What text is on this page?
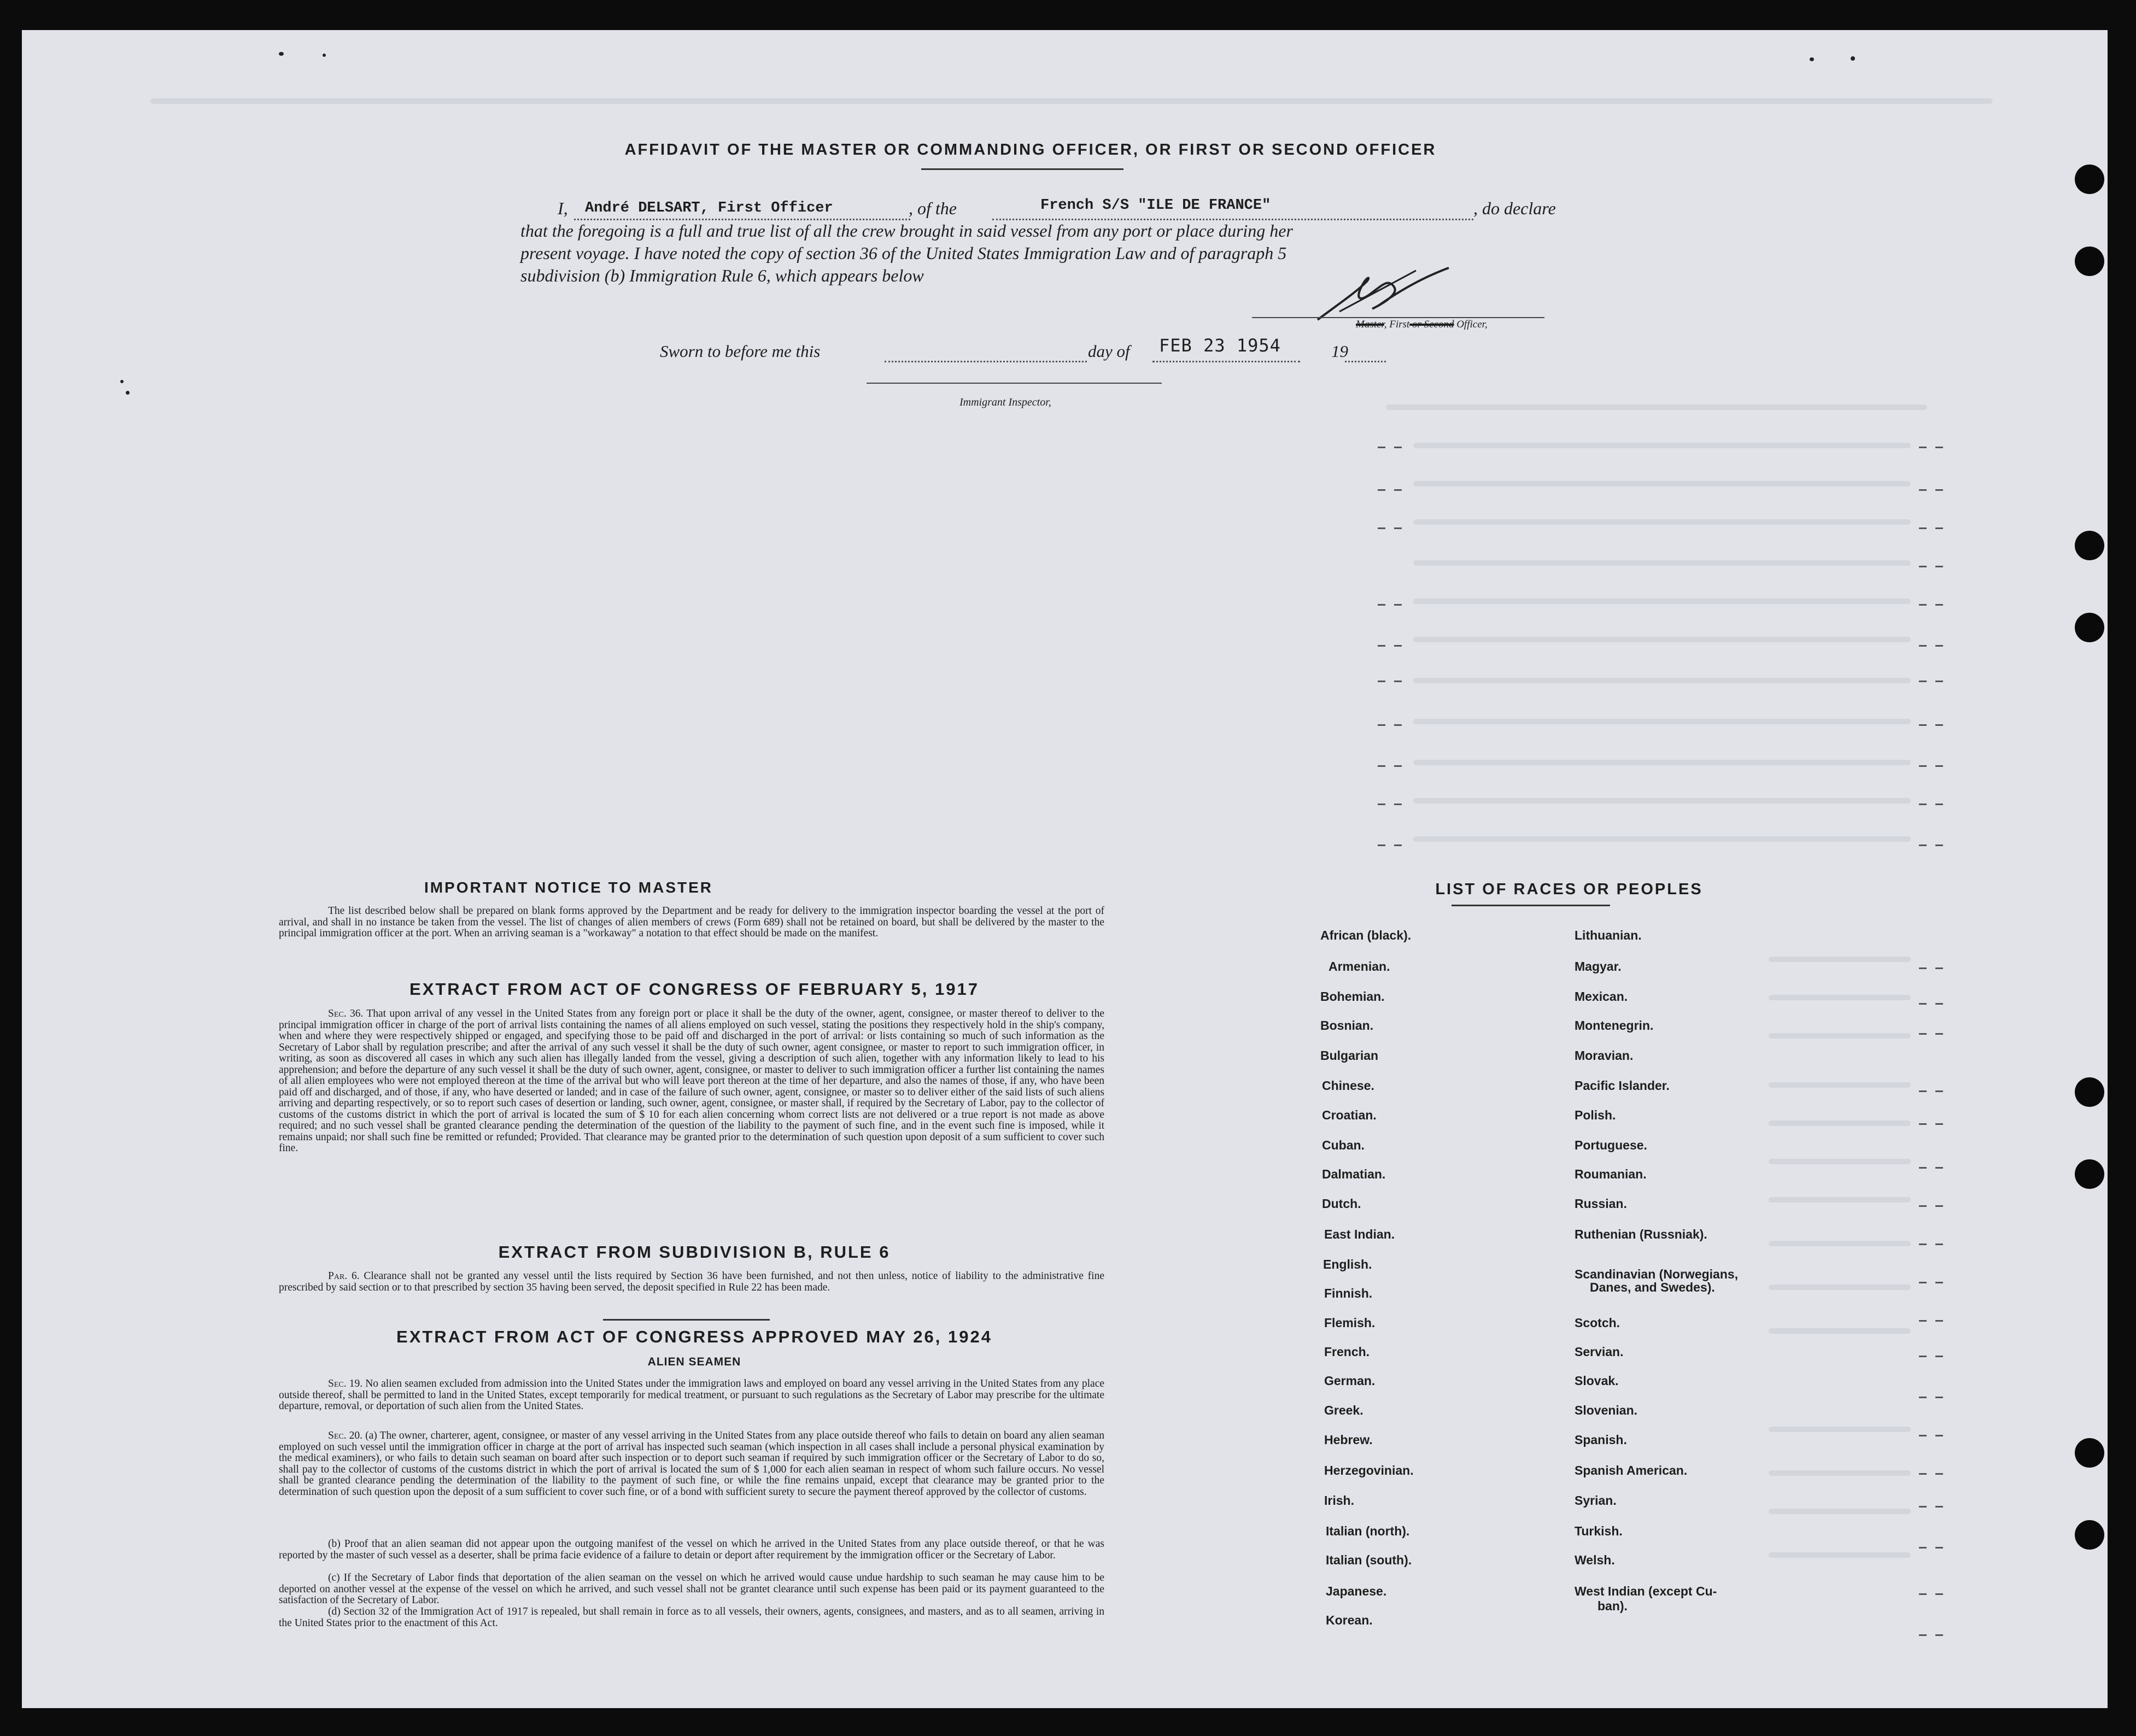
AFFIDAVIT OF THE MASTER OR COMMANDING OFFICER, OR FIRST OR SECOND OFFICER
I,	André DELSART, First Officer	, of the	French S/S "ILE DE FRANCE"	, do declare
that the foregoing is a full and true list of all the crew brought in said vessel from any port or place during her
present voyage. I have noted the copy of section 36 of the United States Immigration Law and of paragraph 5
subdivision (b) Immigration Rule 6, which appears below
Master, First or Second Officer,
Sworn to before me this	day of FEB 23 1954	19
Immigrant Inspector,
IMPORTANT NOTICE TO MASTER
The list described below shall be prepared on blank forms approved by the Department and be ready for delivery to the immigration inspector boarding the vessel at the port of arrival, and shall in no instance be taken from the vessel. The list of changes of alien members of crews (Form 689) shall not be retained on board, but shall be delivered by the master to the principal immigration officer at the port. When an arriving seaman is a "workaway" a notation to that effect should be made on the manifest.
EXTRACT FROM ACT OF CONGRESS OF FEBRUARY 5, 1917
Sec. 36. That upon arrival of any vessel in the United States from any foreign port or place it shall be the duty of the owner, agent, consignee, or master thereof to deliver to the principal immigration officer in charge of the port of arrival lists containing the names of all aliens employed on such vessel, stating the positions they respectively hold in the ship's company, when and where they were respectively shipped or engaged, and specifying those to be paid off and discharged in the port of arrival: or lists containing so much of such information as the Secretary of Labor shall by regulation prescribe; and after the arrival of any such vessel it shall be the duty of such owner, agent consignee, or master to report to such immigration officer, in writing, as soon as discovered all cases in which any such alien has illegally landed from the vessel, giving a description of such alien, together with any information likely to lead to his apprehension; and before the departure of any such vessel it shall be the duty of such owner, agent, consignee, or master to deliver to such immigration officer a further list containing the names of all alien employees who were not employed thereon at the time of the arrival but who will leave port thereon at the time of her departure, and also the names of those, if any, who have been paid off and discharged, and of those, if any, who have deserted or landed; and in case of the failure of such owner, agent, consignee, or master so to deliver either of the said lists of such aliens arriving and departing respectively, or so to report such cases of desertion or landing, such owner, agent, consignee, or master shall, if required by the Secretary of Labor, pay to the collector of customs of the customs district in which the port of arrival is located the sum of $ 10 for each alien concerning whom correct lists are not delivered or a true report is not made as above required; and no such vessel shall be granted clearance pending the determination of the question of the liability to the payment of such fine, and in the event such fine is imposed, while it remains unpaid; nor shall such fine be remitted or refunded; Provided. That clearance may be granted prior to the determination of such question upon deposit of a sum sufficient to cover such fine.
EXTRACT FROM SUBDIVISION B, RULE 6
Par. 6. Clearance shall not be granted any vessel until the lists required by Section 36 have been furnished, and not then unless, notice of liability to the administrative fine prescribed by said section or to that prescribed by section 35 having been served, the deposit specified in Rule 22 has been made.
EXTRACT FROM ACT OF CONGRESS APPROVED MAY 26, 1924
ALIEN SEAMEN
Sec. 19. No alien seamen excluded from admission into the United States under the immigration laws and employed on board any vessel arriving in the United States from any place outside thereof, shall be permitted to land in the United States, except temporarily for medical treatment, or pursuant to such regulations as the Secretary of Labor may prescribe for the ultimate departure, removal, or deportation of such alien from the United States.
Sec. 20. (a) The owner, charterer, agent, consignee, or master of any vessel arriving in the United States from any place outside thereof who fails to detain on board any alien seaman employed on such vessel until the immigration officer in charge at the port of arrival has inspected such seaman (which inspection in all cases shall include a personal physical examination by the medical examiners), or who fails to detain such seaman on board after such inspection or to deport such seaman if required by such immigration officer or the Secretary of Labor to do so, shall pay to the collector of customs of the customs district in which the port of arrival is located the sum of $ 1,000 for each alien seaman in respect of whom such failure occurs. No vessel shall be granted clearance pending the determination of the liability to the payment of such fine, or while the fine remains unpaid, except that clearance may be granted prior to the determination of such question upon the deposit of a sum sufficient to cover such fine, or of a bond with sufficient surety to secure the payment thereof approved by the collector of customs.
(b) Proof that an alien seaman did not appear upon the outgoing manifest of the vessel on which he arrived in the United States from any place outside thereof, or that he was reported by the master of such vessel as a deserter, shall be prima facie evidence of a failure to detain or deport after requirement by the immigration officer or the Secretary of Labor.
(c) If the Secretary of Labor finds that deportation of the alien seaman on the vessel on which he arrived would cause undue hardship to such seaman he may cause him to be deported on another vessel at the expense of the vessel on which he arrived, and such vessel shall not be grantet clearance until such expense has been paid or its payment guaranteed to the satisfaction of the Secretary of Labor.
(d) Section 32 of the Immigration Act of 1917 is repealed, but shall remain in force as to all vessels, their owners, agents, consignees, and masters, and as to all seamen, arriving in the United States prior to the enactment of this Act.
LIST OF RACES OR PEOPLES
African (black).
Armenian.
Bohemian.
Bosnian.
Bulgarian
Chinese.
Croatian.
Cuban.
Dalmatian.
Dutch.
East Indian.
English.
Finnish.
Flemish.
French.
German.
Greek.
Hebrew.
Herzegovinian.
Irish.
Italian (north).
Italian (south).
Japanese.
Korean.
Lithuanian.
Magyar.
Mexican.
Montenegrin.
Moravian.
Pacific Islander.
Polish.
Portuguese.
Roumanian.
Russian.
Ruthenian (Russniak).
Scandinavian (Norwegians,
Danes, and Swedes).
Scotch.
Servian.
Slovak.
Slovenian.
Spanish.
Spanish American.
Syrian.
Turkish.
Welsh.
West Indian (except Cu-
ban).
